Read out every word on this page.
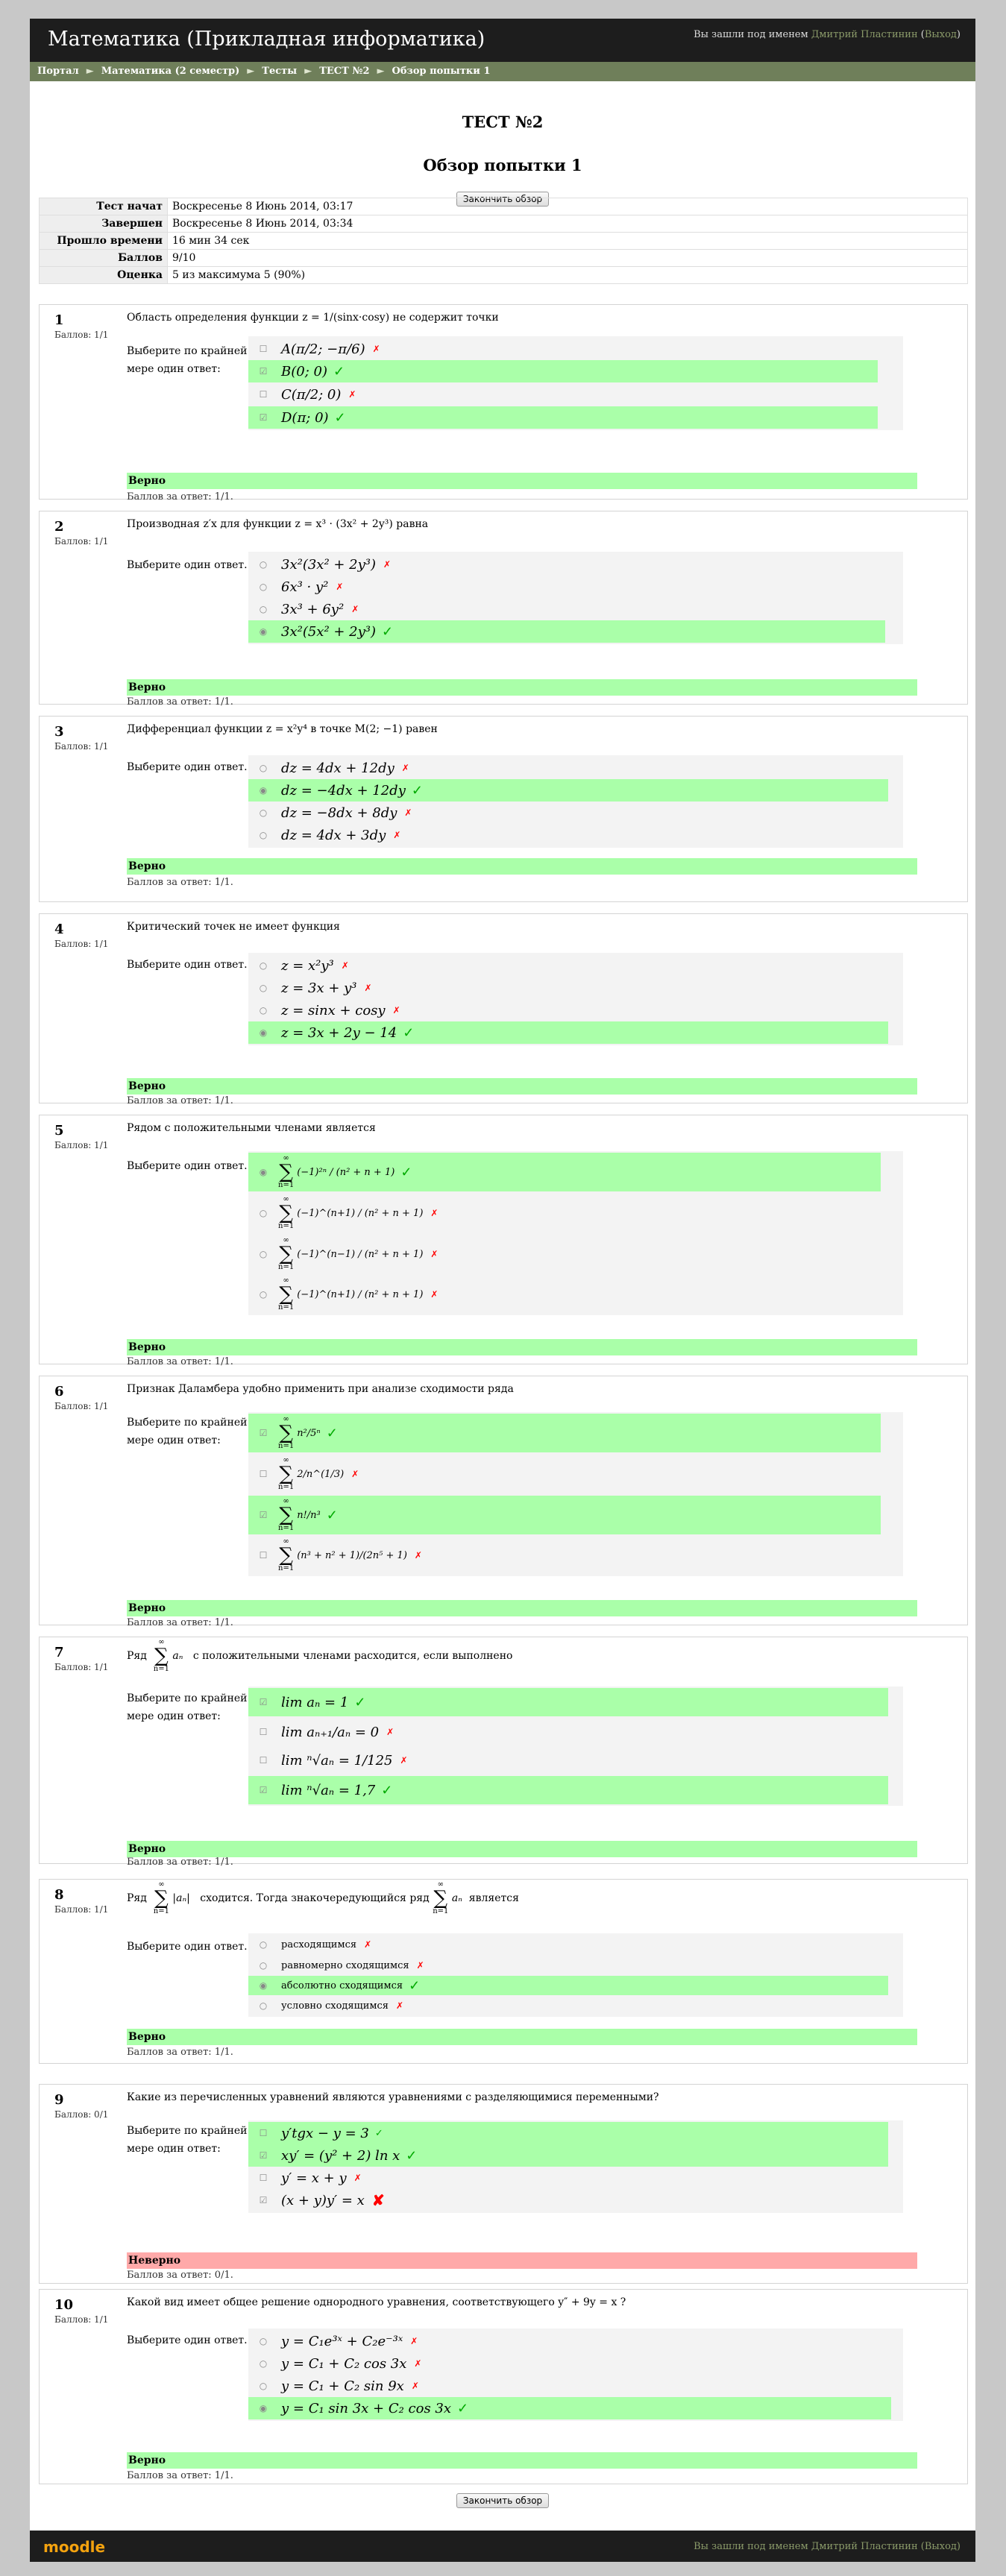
Математика (Прикладная информатика)	Вы зашли под именем Дмитрий Пластинин (Выход)
Портал ► Математика (2 семестр) ► Тесты ► ТЕСТ №2 ► Обзор попытки 1
ТЕСТ №2
Обзор попытки 1
Закончить обзор
Тест начат	Воскресенье 8 Июнь 2014, 03:17
Завершен	Воскресенье 8 Июнь 2014, 03:34
Прошло времени	16 мин 34 сек
Баллов	9/10
Оценка	5 из максимума 5 (90%)
1
Баллов: 1/1
Область определения функции z = 1/(sinx·cosy) не содержит точки
Выберите по крайней мере один ответ:
☐	A(π/2; −π/6) ✗
☑	B(0; 0) ✓
☐	C(π/2; 0) ✗
☑	D(π; 0) ✓
Верно
Баллов за ответ: 1/1.
2
Баллов: 1/1
Производная z′x для функции z = x³ · (3x² + 2y³) равна
Выберите один ответ.	○	3x²(3x² + 2y³) ✗
○	6x³ · y² ✗
○	3x³ + 6y² ✗
◉	3x²(5x² + 2y³) ✓
Верно
Баллов за ответ: 1/1.
3
Баллов: 1/1
Дифференциал функции z = x²y⁴ в точке M(2; −1) равен
Выберите один ответ.	○	dz = 4dx + 12dy ✗
◉	dz = −4dx + 12dy ✓
○	dz = −8dx + 8dy ✗
○	dz = 4dx + 3dy ✗
Верно
Баллов за ответ: 1/1.
4
Баллов: 1/1
Критический точек не имеет функция
Выберите один ответ.	○	z = x²y³ ✗
○	z = 3x + y³ ✗
○	z = sinx + cosy ✗
◉	z = 3x + 2y − 14 ✓
Верно
Баллов за ответ: 1/1.
5
Баллов: 1/1
Рядом с положительными членами является
Выберите один ответ.	◉
∞
∑
n=1
(−1)²ⁿ / (n² + n + 1) ✓
○
∞
∑
n=1
(−1)^(n+1) / (n² + n + 1) ✗
○
∞
∑
n=1
(−1)^(n−1) / (n² + n + 1) ✗
○
∞
∑
n=1
(−1)^(n+1) / (n² + n + 1) ✗
Верно
Баллов за ответ: 1/1.
6
Баллов: 1/1
Признак Даламбера удобно применить при анализе сходимости ряда
Выберите по крайней мере один ответ:
☑
∞
∑
n=1
n²/5ⁿ ✓
☐
∞
∑
n=1
2/n^(1/3) ✗
☑
∞
∑
n=1
n!/n³ ✓
☐
∞
∑
n=1
(n³ + n² + 1)/(2n⁵ + 1) ✗
Верно
Баллов за ответ: 1/1.
7
Баллов: 1/1
Ряд

∞
∑
n=1

aₙ
с положительными членами расходится, если выполнено
Выберите по крайней мере один ответ:
☑	lim aₙ = 1 ✓
☐	lim aₙ₊₁/aₙ = 0 ✗
☐	lim ⁿ√aₙ = 1/125 ✗
☑	lim ⁿ√aₙ = 1,7 ✓
Верно
Баллов за ответ: 1/1.
8
Баллов: 1/1
Ряд

∞
∑
n=1

|aₙ|
сходится. Тогда знакочередующийся ряд

∞
∑
n=1

aₙ
является
Выберите один ответ.	○	расходящимся ✗
○	равномерно сходящимся ✗
◉	абсолютно сходящимся ✓
○	условно сходящимся ✗
Верно
Баллов за ответ: 1/1.
9
Баллов: 0/1
Какие из перечисленных уравнений являются уравнениями с разделяющимися переменными?
Выберите по крайней мере один ответ:
☐	y′tgx − y = 3 ✓
☑	xy′ = (y² + 2) ln x ✓
☐	y′ = x + y ✗
☑	(x + y)y′ = x ✘
Неверно
Баллов за ответ: 0/1.
10
Баллов: 1/1
Какой вид имеет общее решение однородного уравнения, соответствующего y″ + 9y = x ?
Выберите один ответ.	○	y = C₁e³ˣ + C₂e⁻³ˣ ✗
○	y = C₁ + C₂ cos 3x ✗
○	y = C₁ + C₂ sin 9x ✗
◉	y = C₁ sin 3x + C₂ cos 3x ✓
Верно
Баллов за ответ: 1/1.
Закончить обзор
moodle	Вы зашли под именем Дмитрий Пластинин (Выход)
